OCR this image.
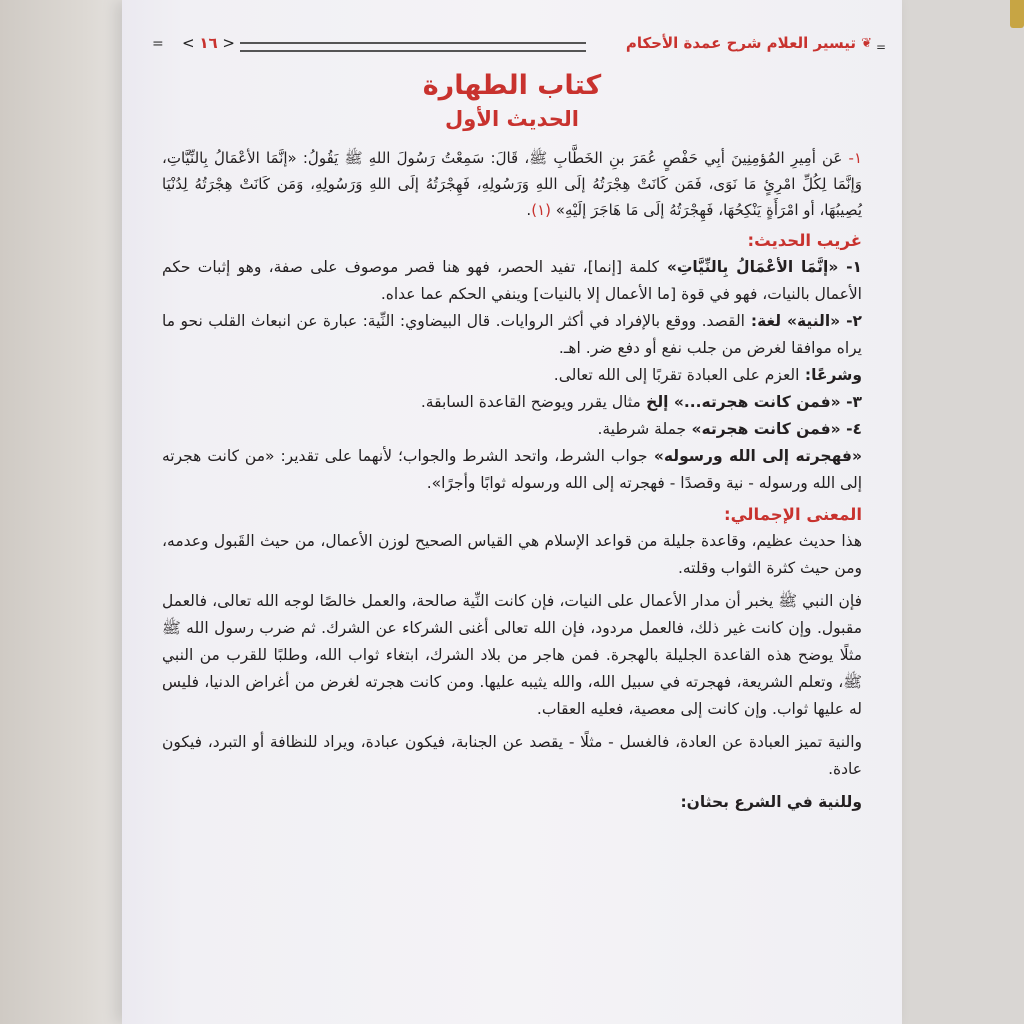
=
❦
تيسير العلام شرح عمدة الأحكام
< ١٦ >
=
كتاب الطهارة
الحديث الأول

١- عَن أمِيرِ المُؤمِنِينَ أبِي حَفْصٍ عُمَرَ بنِ الخَطَّابِ ﷺ، قَالَ: سَمِعْتُ رَسُولَ اللهِ ﷺ يَقُولُ: «إنَّمَا الأعْمَالُ بِالنِّيَّاتِ، وَإنَّمَا لِكُلِّ امْرِئٍ مَا نَوَى، فَمَن كَانَتْ هِجْرَتُهُ إلَى اللهِ وَرَسُولِهِ، فَهِجْرَتُهُ إلَى اللهِ وَرَسُولِهِ، وَمَن كَانَتْ هِجْرَتُهُ لِدُنْيَا يُصِيبُهَا، أو امْرَأَةٍ يَنْكِحُهَا، فَهِجْرَتُهُ إلَى مَا هَاجَرَ إلَيْهِ» (١).

غريب الحديث:

١- «إنَّمَا الأعْمَالُ بِالنِّيَّاتِ» كلمة [إنما]، تفيد الحصر، فهو هنا قصر موصوف على صفة، وهو إثبات حكم الأعمال بالنيات، فهو في قوة [ما الأعمال إلا بالنيات] وينفي الحكم عما عداه.

٢- «النية» لغة: القصد. ووقع بالإفراد في أكثر الروايات. قال البيضاوي: النِّية: عبارة عن انبعاث القلب نحو ما يراه موافقا لغرض من جلب نفع أو دفع ضر. اهـ.

وشرعًا: العزم على العبادة تقربًا إلى الله تعالى.

٣- «فمن كانت هجرته...» إلخ مثال يقرر ويوضح القاعدة السابقة.

٤- «فمن كانت هجرته» جملة شرطية.

«فهجرته إلى الله ورسوله» جواب الشرط، واتحد الشرط والجواب؛ لأنهما على تقدير: «من كانت هجرته إلى الله ورسوله - نية وقصدًا - فهجرته إلى الله ورسوله ثوابًا وأجرًا».

المعنى الإجمالي:

هذا حديث عظيم، وقاعدة جليلة من قواعد الإسلام هي القياس الصحيح لوزن الأعمال، من حيث القَبول وعدمه، ومن حيث كثرة الثواب وقلته.

فإن النبي ﷺ يخبر أن مدار الأعمال على النيات، فإن كانت النِّية صالحة، والعمل خالصًا لوجه الله تعالى، فالعمل مقبول. وإن كانت غير ذلك، فالعمل مردود، فإن الله تعالى أغنى الشركاء عن الشرك. ثم ضرب رسول الله ﷺ مثلًا يوضح هذه القاعدة الجليلة بالهجرة. فمن هاجر من بلاد الشرك، ابتغاء ثواب الله، وطلبًا للقرب من النبي ﷺ، وتعلم الشريعة، فهجرته في سبيل الله، والله يثيبه عليها. ومن كانت هجرته لغرض من أغراض الدنيا، فليس له عليها ثواب. وإن كانت إلى معصية، فعليه العقاب.

والنية تميز العبادة عن العادة، فالغسل - مثلًا - يقصد عن الجنابة، فيكون عبادة، ويراد للنظافة أو التبرد، فيكون عادة.

وللنية في الشرع بحثان:
